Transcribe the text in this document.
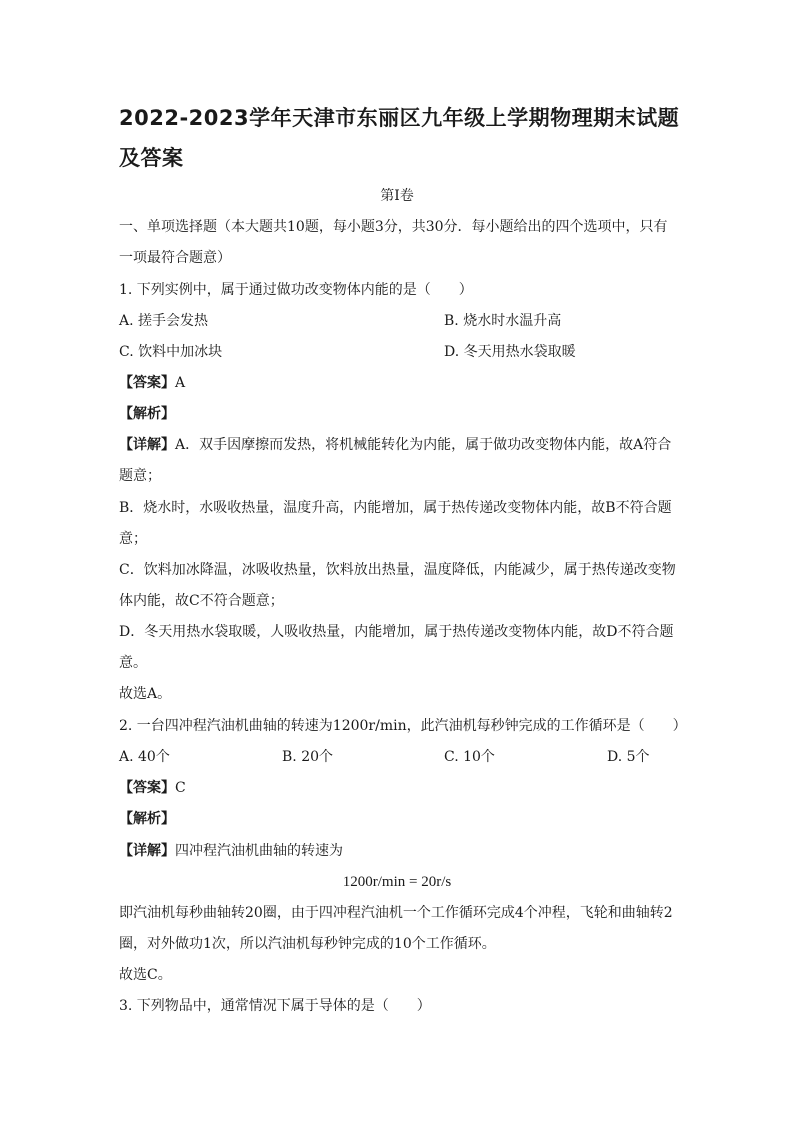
2022-2023学年天津市东丽区九年级上学期物理期末试题及答案
第Ⅰ卷
一、单项选择题（本大题共10题，每小题3分，共30分．每小题给出的四个选项中，只有
一项最符合题意）
1. 下列实例中，属于通过做功改变物体内能的是（　　）
A. 搓手会发热	B. 烧水时水温升高
C. 饮料中加冰块	D. 冬天用热水袋取暖
【答案】A
【解析】
【详解】A．双手因摩擦而发热，将机械能转化为内能，属于做功改变物体内能，故A符合
题意；
B．烧水时，水吸收热量，温度升高，内能增加，属于热传递改变物体内能，故B不符合题
意；
C．饮料加冰降温，冰吸收热量，饮料放出热量，温度降低，内能减少，属于热传递改变物
体内能，故C不符合题意；
D．冬天用热水袋取暖，人吸收热量，内能增加，属于热传递改变物体内能，故D不符合题
意。
故选A。
2. 一台四冲程汽油机曲轴的转速为1200r/min，此汽油机每秒钟完成的工作循环是（　　）
A. 40个	B. 20个	C. 10个	D. 5个
【答案】C
【解析】
【详解】四冲程汽油机曲轴的转速为
1200r/min = 20r/s
即汽油机每秒曲轴转20圈，由于四冲程汽油机一个工作循环完成4个冲程，飞轮和曲轴转2
圈，对外做功1次，所以汽油机每秒钟完成的10个工作循环。
故选C。
3. 下列物品中，通常情况下属于导体的是（　　）
